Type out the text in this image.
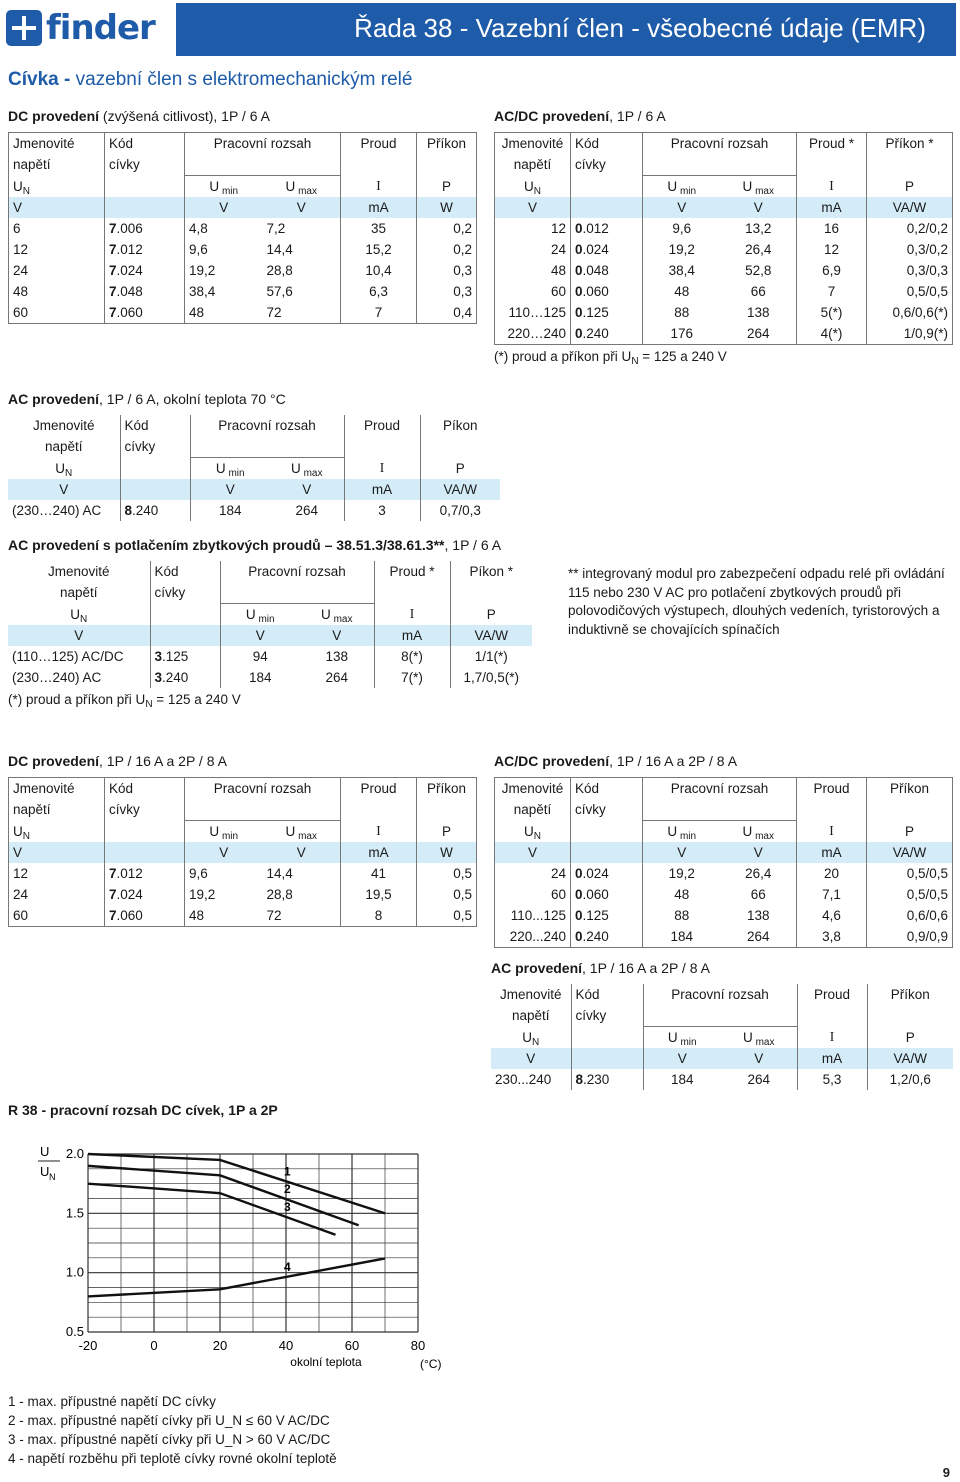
finder	Řada 38 - Vazební člen - všeobecné údaje (EMR)
Cívka - vazební člen s elektromechanickým relé
DC provedení (zvýšená citlivost), 1P / 6 A
Jmenovité	Kód	Pracovní rozsah		Proud	Příkon
napětí	cívky				
$U_N$		U $_{min}$	U $_{max}$	I	P
V		V	V	mA	W
6	7.006	4,8	7,2	35	0,2
12	7.012	9,6	14,4	15,2	0,2
24	7.024	19,2	28,8	10,4	0,3
48	7.048	38,4	57,6	6,3	0,3
60	7.060	48	72	7	0,4
AC/DC provedení, 1P / 6 A
Jmenovité	Kód	Pracovní rozsah		Proud *	Příkon *
napětí	cívky				
$U_N$		U $_{min}$	U $_{max}$	I	P
V		V	V	mA	VA/W
12	0.012	9,6	13,2	16	0,2/0,2
24	0.024	19,2	26,4	12	0,3/0,2
48	0.048	38,4	52,8	6,9	0,3/0,3
60	0.060	48	66	7	0,5/0,5
110…125	0.125	88	138	5(*)	0,6/0,6(*)
220…240	0.240	176	264	4(*)	1/0,9(*)
(*) proud a příkon při $U_N = 125$ a 240 V
AC provedení, 1P / 6 A, okolní teplota 70 °C
Jmenovité	Kód	Pracovní rozsah		Proud	Píkon
napětí	cívky				
$U_N$		U $_{min}$	U $_{max}$	I	P
V		V	V	mA	VA/W
(230…240) AC	8.240	184	264	3	0,7/0,3
AC provedení s potlačením zbytkových proudů – 38.51.3/38.61.3**, 1P / 6 A
Jmenovité	Kód	Pracovní rozsah		Proud *	Píkon *
napětí	cívky				
$U_N$		U $_{min}$	U $_{max}$	I	P
V		V	V	mA	VA/W
(110…125) AC/DC	3.125	94	138	8(*)	1/1(*)
(230…240) AC	3.240	184	264	7(*)	1,7/0,5(*)
(*) proud a příkon při $U_N = 125$ a 240 V
DC provedení, 1P / 16 A a 2P / 8 A
Jmenovité	Kód	Pracovní rozsah		Proud	Příkon
napětí	cívky				
$U_N$		U $_{min}$	U $_{max}$	I	P
V		V	V	mA	W
12	7.012	9,6	14,4	41	0,5
24	7.024	19,2	28,8	19,5	0,5
60	7.060	48	72	8	0,5
AC/DC provedení, 1P / 16 A a 2P / 8 A
Jmenovité	Kód	Pracovní rozsah		Proud	Příkon
napětí	cívky				
$U_N$		U $_{min}$	U $_{max}$	I	P
V		V	V	mA	VA/W
24	0.024	19,2	26,4	20	0,5/0,5
60	0.060	48	66	7,1	0,5/0,5
110...125	0.125	88	138	4,6	0,6/0,6
220...240	0.240	184	264	3,8	0,9/0,9
AC provedení, 1P / 16 A a 2P / 8 A
Jmenovité	Kód	Pracovní rozsah		Proud	Příkon
napětí	cívky				
$U_N$		U $_{min}$	U $_{max}$	I	P
V		V	V	mA	VA/W
230...240	8.230	184	264	5,3	1,2/0,6
** integrovaný modul pro zabezpečení odpadu relé při ovládání 115 nebo 230 V AC pro potlačení zbytkových proudů při polovodičových výstupech, dlouhých vedeních, tyristorových a induktivně se chovajících spínačích
R 38 - pracovní rozsah DC cívek, 1P a 2P
-20	0	20	40	60	80
2.0
1.5
1.0
0.5
U
U N
okolní teplota	(°C)
1
2
3
4
1 - max. přípustné napětí DC cívky
2 - max. přípustné napětí cívky při U_N ≤ 60 V AC/DC
3 - max. přípustné napětí cívky při U_N > 60 V AC/DC
4 - napětí rozběhu při teplotě cívky rovné okolní teplotě
9
